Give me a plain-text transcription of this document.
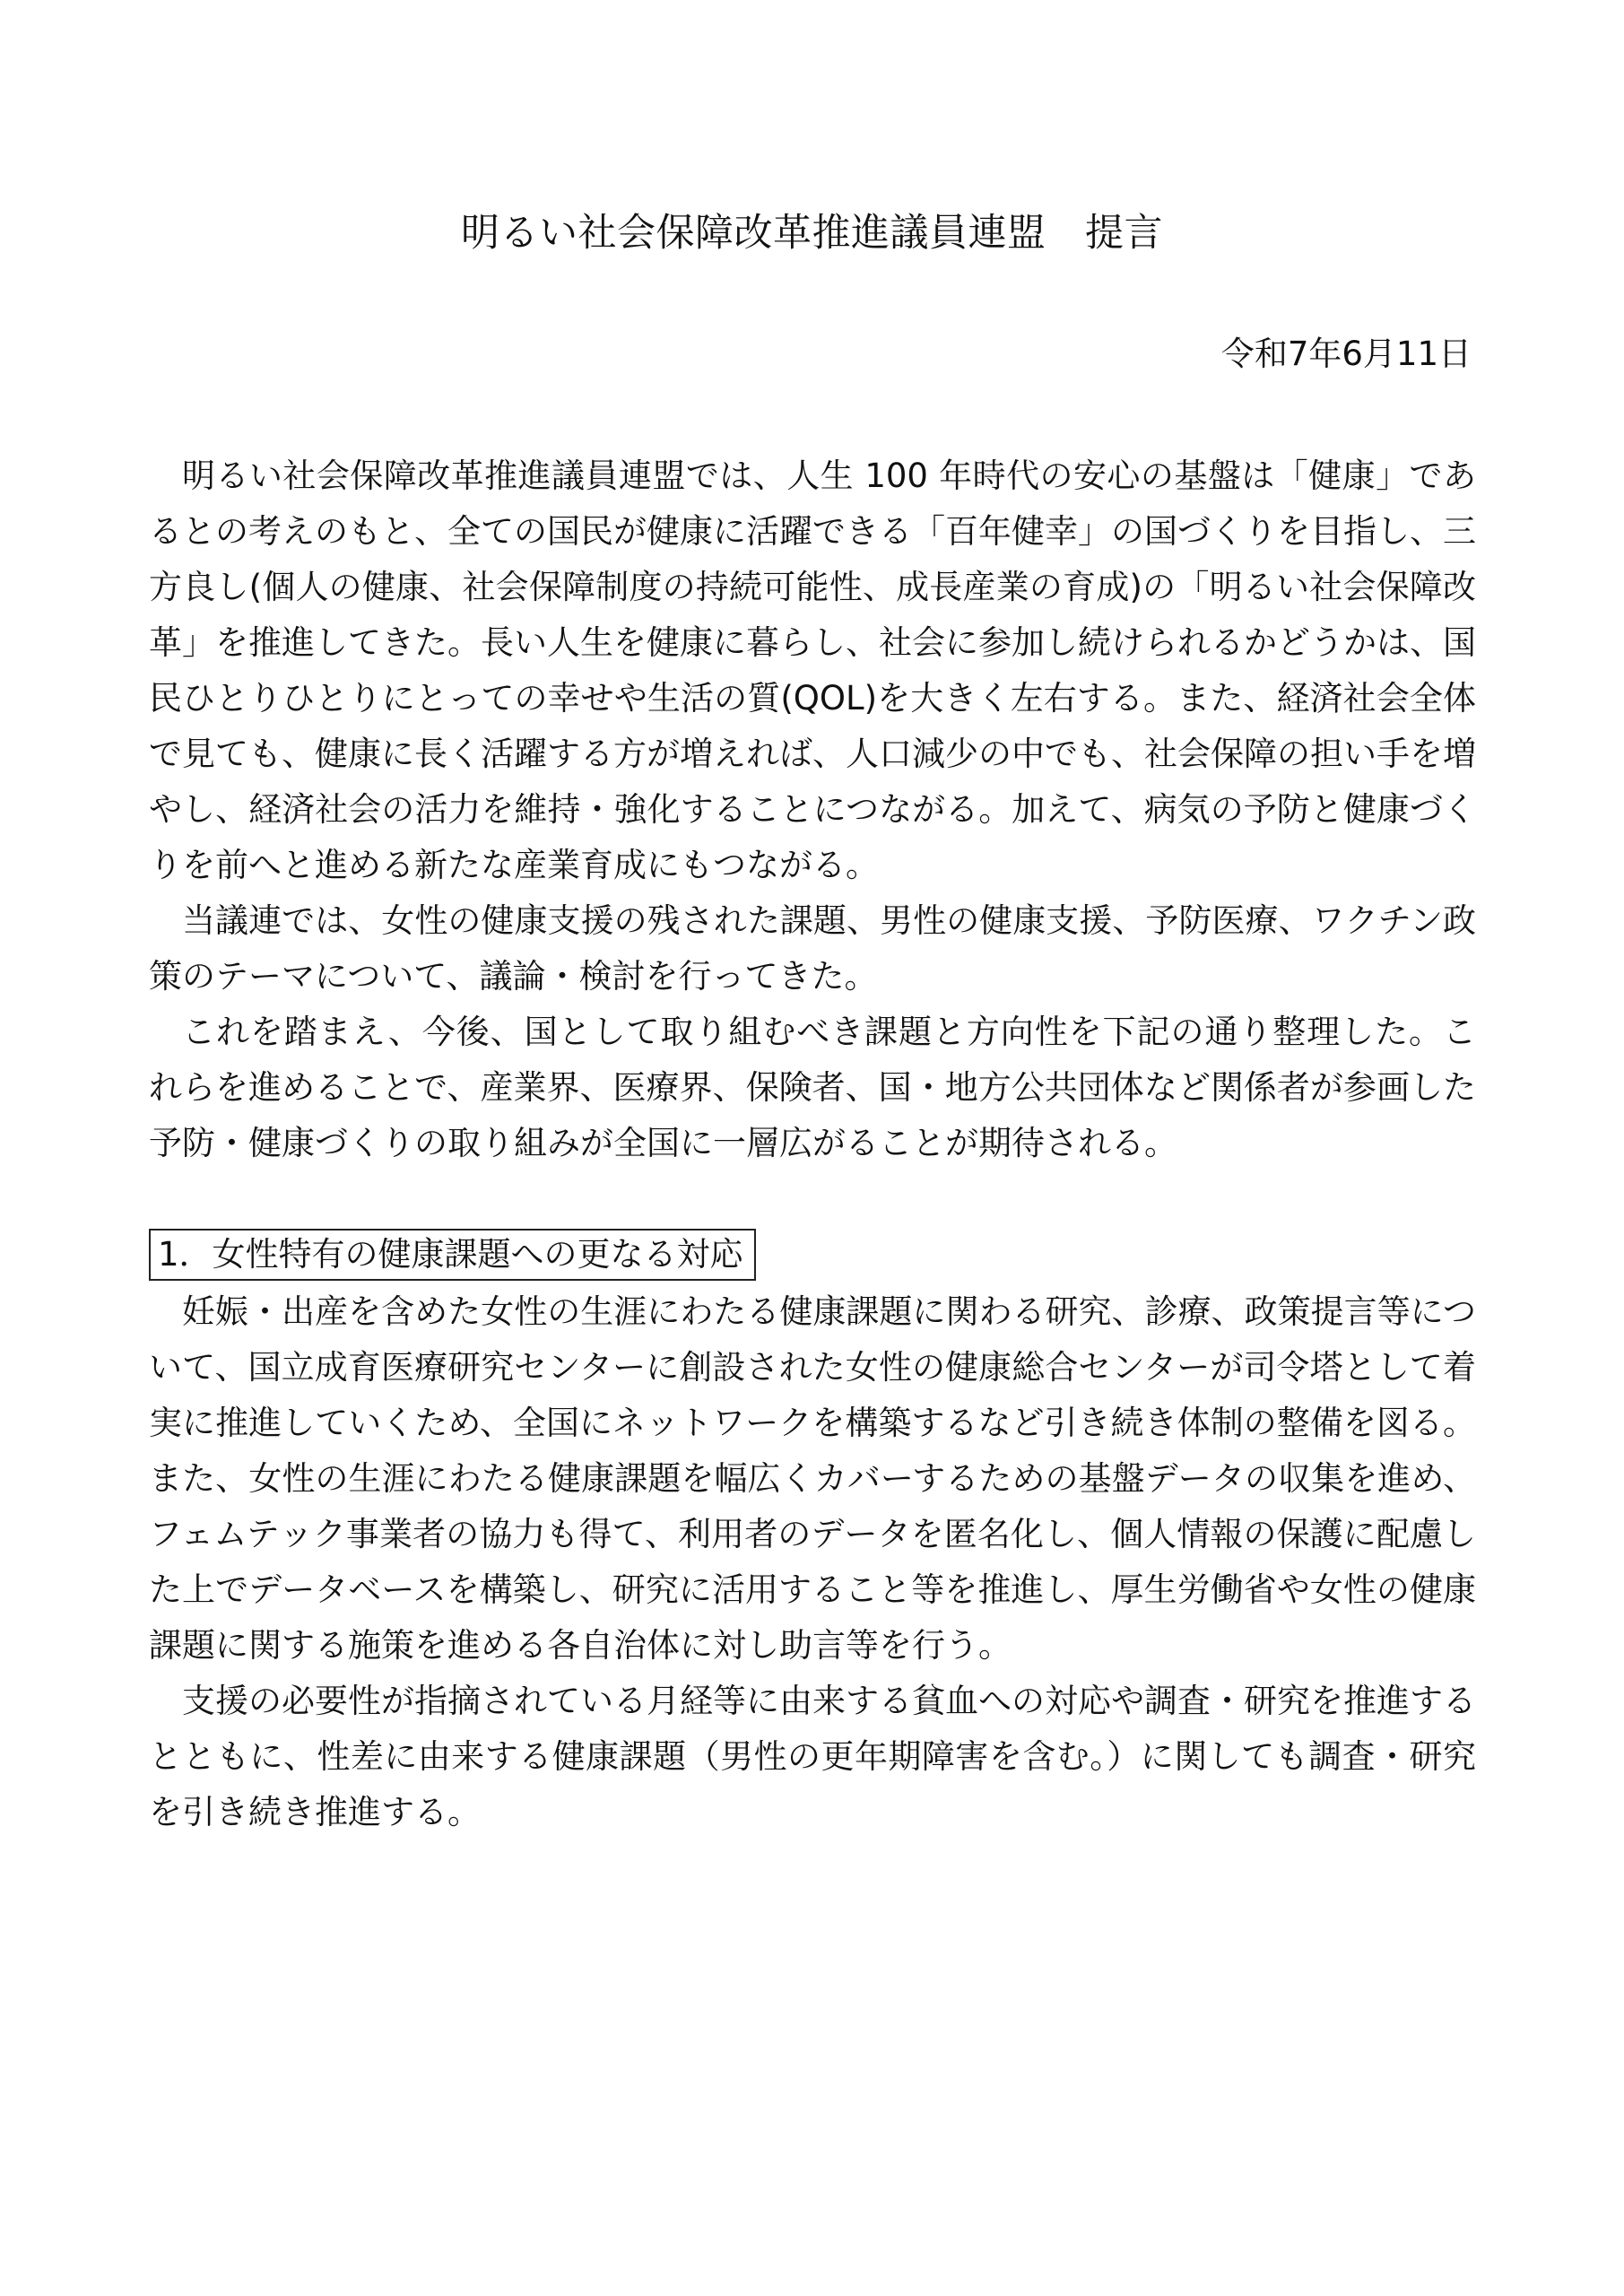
明るい社会保障改革推進議員連盟　提言
令和7年6月11日

明るい社会保障改革推進議員連盟では、人生 100 年時代の安心の基盤は「健康」であるとの考えのもと、全ての国民が健康に活躍できる「百年健幸」の国づくりを目指し、三方良し(個人の健康、社会保障制度の持続可能性、成長産業の育成)の「明るい社会保障改革」を推進してきた。長い人生を健康に暮らし、社会に参加し続けられるかどうかは、国民ひとりひとりにとっての幸せや生活の質(QOL)を大きく左右する。また、経済社会全体で見ても、健康に長く活躍する方が増えれば、人口減少の中でも、社会保障の担い手を増やし、経済社会の活力を維持・強化することにつながる。加えて、病気の予防と健康づくりを前へと進める新たな産業育成にもつながる。

当議連では、女性の健康支援の残された課題、男性の健康支援、予防医療、ワクチン政策のテーマについて、議論・検討を行ってきた。

これを踏まえ、今後、国として取り組むべき課題と方向性を下記の通り整理した。これらを進めることで、産業界、医療界、保険者、国・地方公共団体など関係者が参画した予防・健康づくりの取り組みが全国に一層広がることが期待される。

1．女性特有の健康課題への更なる対応

妊娠・出産を含めた女性の生涯にわたる健康課題に関わる研究、診療、政策提言等について、国立成育医療研究センターに創設された女性の健康総合センターが司令塔として着実に推進していくため、全国にネットワークを構築するなど引き続き体制の整備を図る。また、女性の生涯にわたる健康課題を幅広くカバーするための基盤データの収集を進め、フェムテック事業者の協力も得て、利用者のデータを匿名化し、個人情報の保護に配慮した上でデータベースを構築し、研究に活用すること等を推進し、厚生労働省や女性の健康課題に関する施策を進める各自治体に対し助言等を行う。

支援の必要性が指摘されている月経等に由来する貧血への対応や調査・研究を推進するとともに、性差に由来する健康課題（男性の更年期障害を含む。）に関しても調査・研究を引き続き推進する。
